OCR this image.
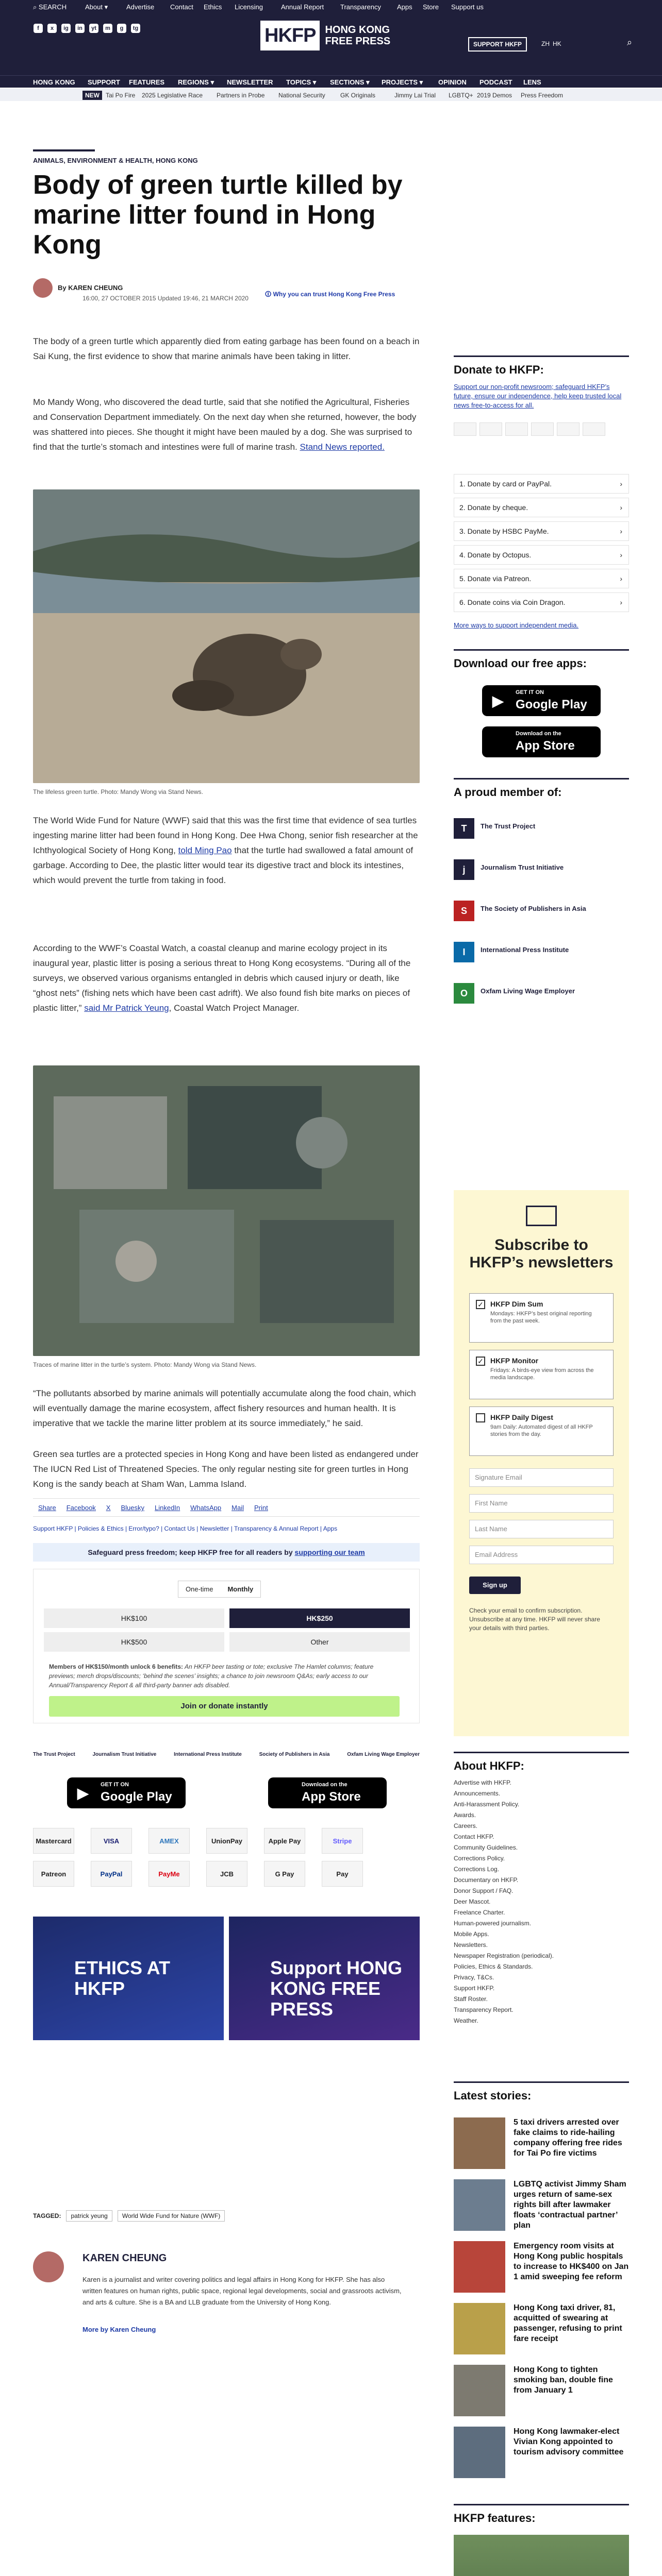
⌕ SEARCH	About ▾	Advertise Contact Ethics Licensing	Annual Report Transparency Apps Store Support us
f	x	ig	in	yt	m	g	tg	HKFP HONG KONG
FREE PRESS	SUPPORT HKFP	ZH HK	⌕
HONG KONG SUPPORT FEATURES REGIONS ▾ NEWSLETTER TOPICS ▾ SECTIONS ▾ PROJECTS ▾ OPINION PODCAST LENS
NEW	Tai Po Fire 2025 Legislative Race Partners in Probe National Security GK Originals	Jimmy Lai Trial LGBTQ+ 2019 Demos Press Freedom
ANIMALS, ENVIRONMENT & HEALTH, HONG KONG
Body of green turtle killed by marine litter found in Hong Kong
By KAREN CHEUNG
16:00, 27 OCTOBER 2015 Updated 19:46, 21 MARCH 2020
🛈 Why you can trust Hong Kong Free Press

The body of a green turtle which apparently died from eating garbage has been found on a beach in Sai Kung, the first evidence to show that marine animals have been taking in litter.

Mo Mandy Wong, who discovered the dead turtle, said that she notified the Agricultural, Fisheries and Conservation Department immediately. On the next day when she returned, however, the body was shattered into pieces. She thought it might have been mauled by a dog. She was surprised to find that the turtle’s stomach and intestines were full of marine trash. Stand News reported.

The lifeless green turtle. Photo: Mandy Wong via Stand News.

The World Wide Fund for Nature (WWF) said that this was the first time that evidence of sea turtles ingesting marine litter had been found in Hong Kong. Dee Hwa Chong, senior fish researcher at the Ichthyological Society of Hong Kong, told Ming Pao that the turtle had swallowed a fatal amount of garbage. According to Dee, the plastic litter would tear its digestive tract and block its intestines, which would prevent the turtle from taking in food.

According to the WWF’s Coastal Watch, a coastal cleanup and marine ecology project in its inaugural year, plastic litter is posing a serious threat to Hong Kong ecosystems. “During all of the surveys, we observed various organisms entangled in debris which caused injury or death, like “ghost nets” (fishing nets which have been cast adrift). We also found fish bite marks on pieces of plastic litter,” said Mr Patrick Yeung, Coastal Watch Project Manager.

Traces of marine litter in the turtle’s system. Photo: Mandy Wong via Stand News.

“The pollutants absorbed by marine animals will potentially accumulate along the food chain, which will eventually damage the marine ecosystem, affect fishery resources and human health. It is imperative that we tackle the marine litter problem at its source immediately,” he said.

Green sea turtles are a protected species in Hong Kong and have been listed as endangered under The IUCN Red List of Threatened Species. The only regular nesting site for green turtles in Hong Kong is the sandy beach at Sham Wan, Lamma Island.

Share Facebook X Bluesky LinkedIn WhatsApp Mail Print
Support HKFP | Policies & Ethics | Error/typo? | Contact Us | Newsletter | Transparency & Annual Report | Apps
Safeguard press freedom; keep HKFP free for all readers by supporting our team
One-time	Monthly
HK$100	HK$250
HK$500	Other
Members of HK$150/month unlock 6 benefits: An HKFP beer tasting or tote; exclusive The Hamlet columns; feature previews; merch drops/discounts; ‘behind the scenes’ insights; a chance to join newsroom Q&As; early access to our Annual/Transparency Report & all third-party banner ads disabled.
Join or donate instantly
The Trust Project	Journalism Trust Initiative	International Press Institute	Society of Publishers in Asia	Oxfam Living Wage Employer
▶
GET IT ON
Google Play
Download on the
App Store
Mastercard	VISA	AMEX	UnionPay	Apple Pay	Stripe
Patreon	PayPal	PayMe	JCB	G Pay	Pay
ETHICS AT HKFP
Support HONG KONG FREE PRESS
TAGGED:	patrick yeung	World Wide Fund for Nature (WWF)
KAREN CHEUNG
Karen is a journalist and writer covering politics and legal affairs in Hong Kong for HKFP. She has also written features on human rights, public space, regional legal developments, social and grassroots activism, and arts & culture. She is a BA and LLB graduate from the University of Hong Kong.
More by Karen Cheung
Donate to HKFP:
Support our non-profit newsroom; safeguard HKFP’s future, ensure our independence, help keep trusted local news free-to-access for all.
1. Donate by card or PayPal.	›
2. Donate by cheque.	›
3. Donate by HSBC PayMe.	›
4. Donate by Octopus.	›
5. Donate via Patreon.	›
6. Donate coins via Coin Dragon.	›
More ways to support independent media.
Download our free apps:
▶
GET IT ON
Google Play
Download on the
App Store
A proud member of:
T	The Trust Project
j	Journalism Trust Initiative
S	The Society of Publishers in Asia
I	International Press Institute
O	Oxfam Living Wage Employer
Subscribe to HKFP’s newsletters
✓ HKFP Dim Sum
Mondays: HKFP’s best original reporting from the past week.
✓ HKFP Monitor
Fridays: A birds-eye view from across the media landscape.
HKFP Daily Digest
9am Daily: Automated digest of all HKFP stories from the day.
Signature Email
First Name
Last Name
Email Address
Sign up
Check your email to confirm subscription. Unsubscribe at any time. HKFP will never share your details with third parties.
About HKFP:
Advertise with HKFP.
Announcements.
Anti-Harassment Policy.
Awards.
Careers.
Contact HKFP.
Community Guidelines.
Corrections Policy.
Corrections Log.
Documentary on HKFP.
Donor Support / FAQ.
Deer Mascot.
Freelance Charter.
Human-powered journalism.
Mobile Apps.
Newsletters.
Newspaper Registration (periodical).
Policies, Ethics & Standards.
Privacy, T&Cs.
Support HKFP.
Staff Roster.
Transparency Report.
Weather.
Latest stories:
5 taxi drivers arrested over fake claims to ride-hailing company offering free rides for Tai Po fire victims
LGBTQ activist Jimmy Sham urges return of same-sex rights bill after lawmaker floats ‘contractual partner’ plan
Emergency room visits at Hong Kong public hospitals to increase to HK$400 on Jan 1 amid sweeping fee reform
Hong Kong taxi driver, 81, acquitted of swearing at passenger, refusing to print fare receipt
Hong Kong to tighten smoking ban, double fine from January 1
Hong Kong lawmaker-elect Vivian Kong appointed to tourism advisory committee
HKFP features:
